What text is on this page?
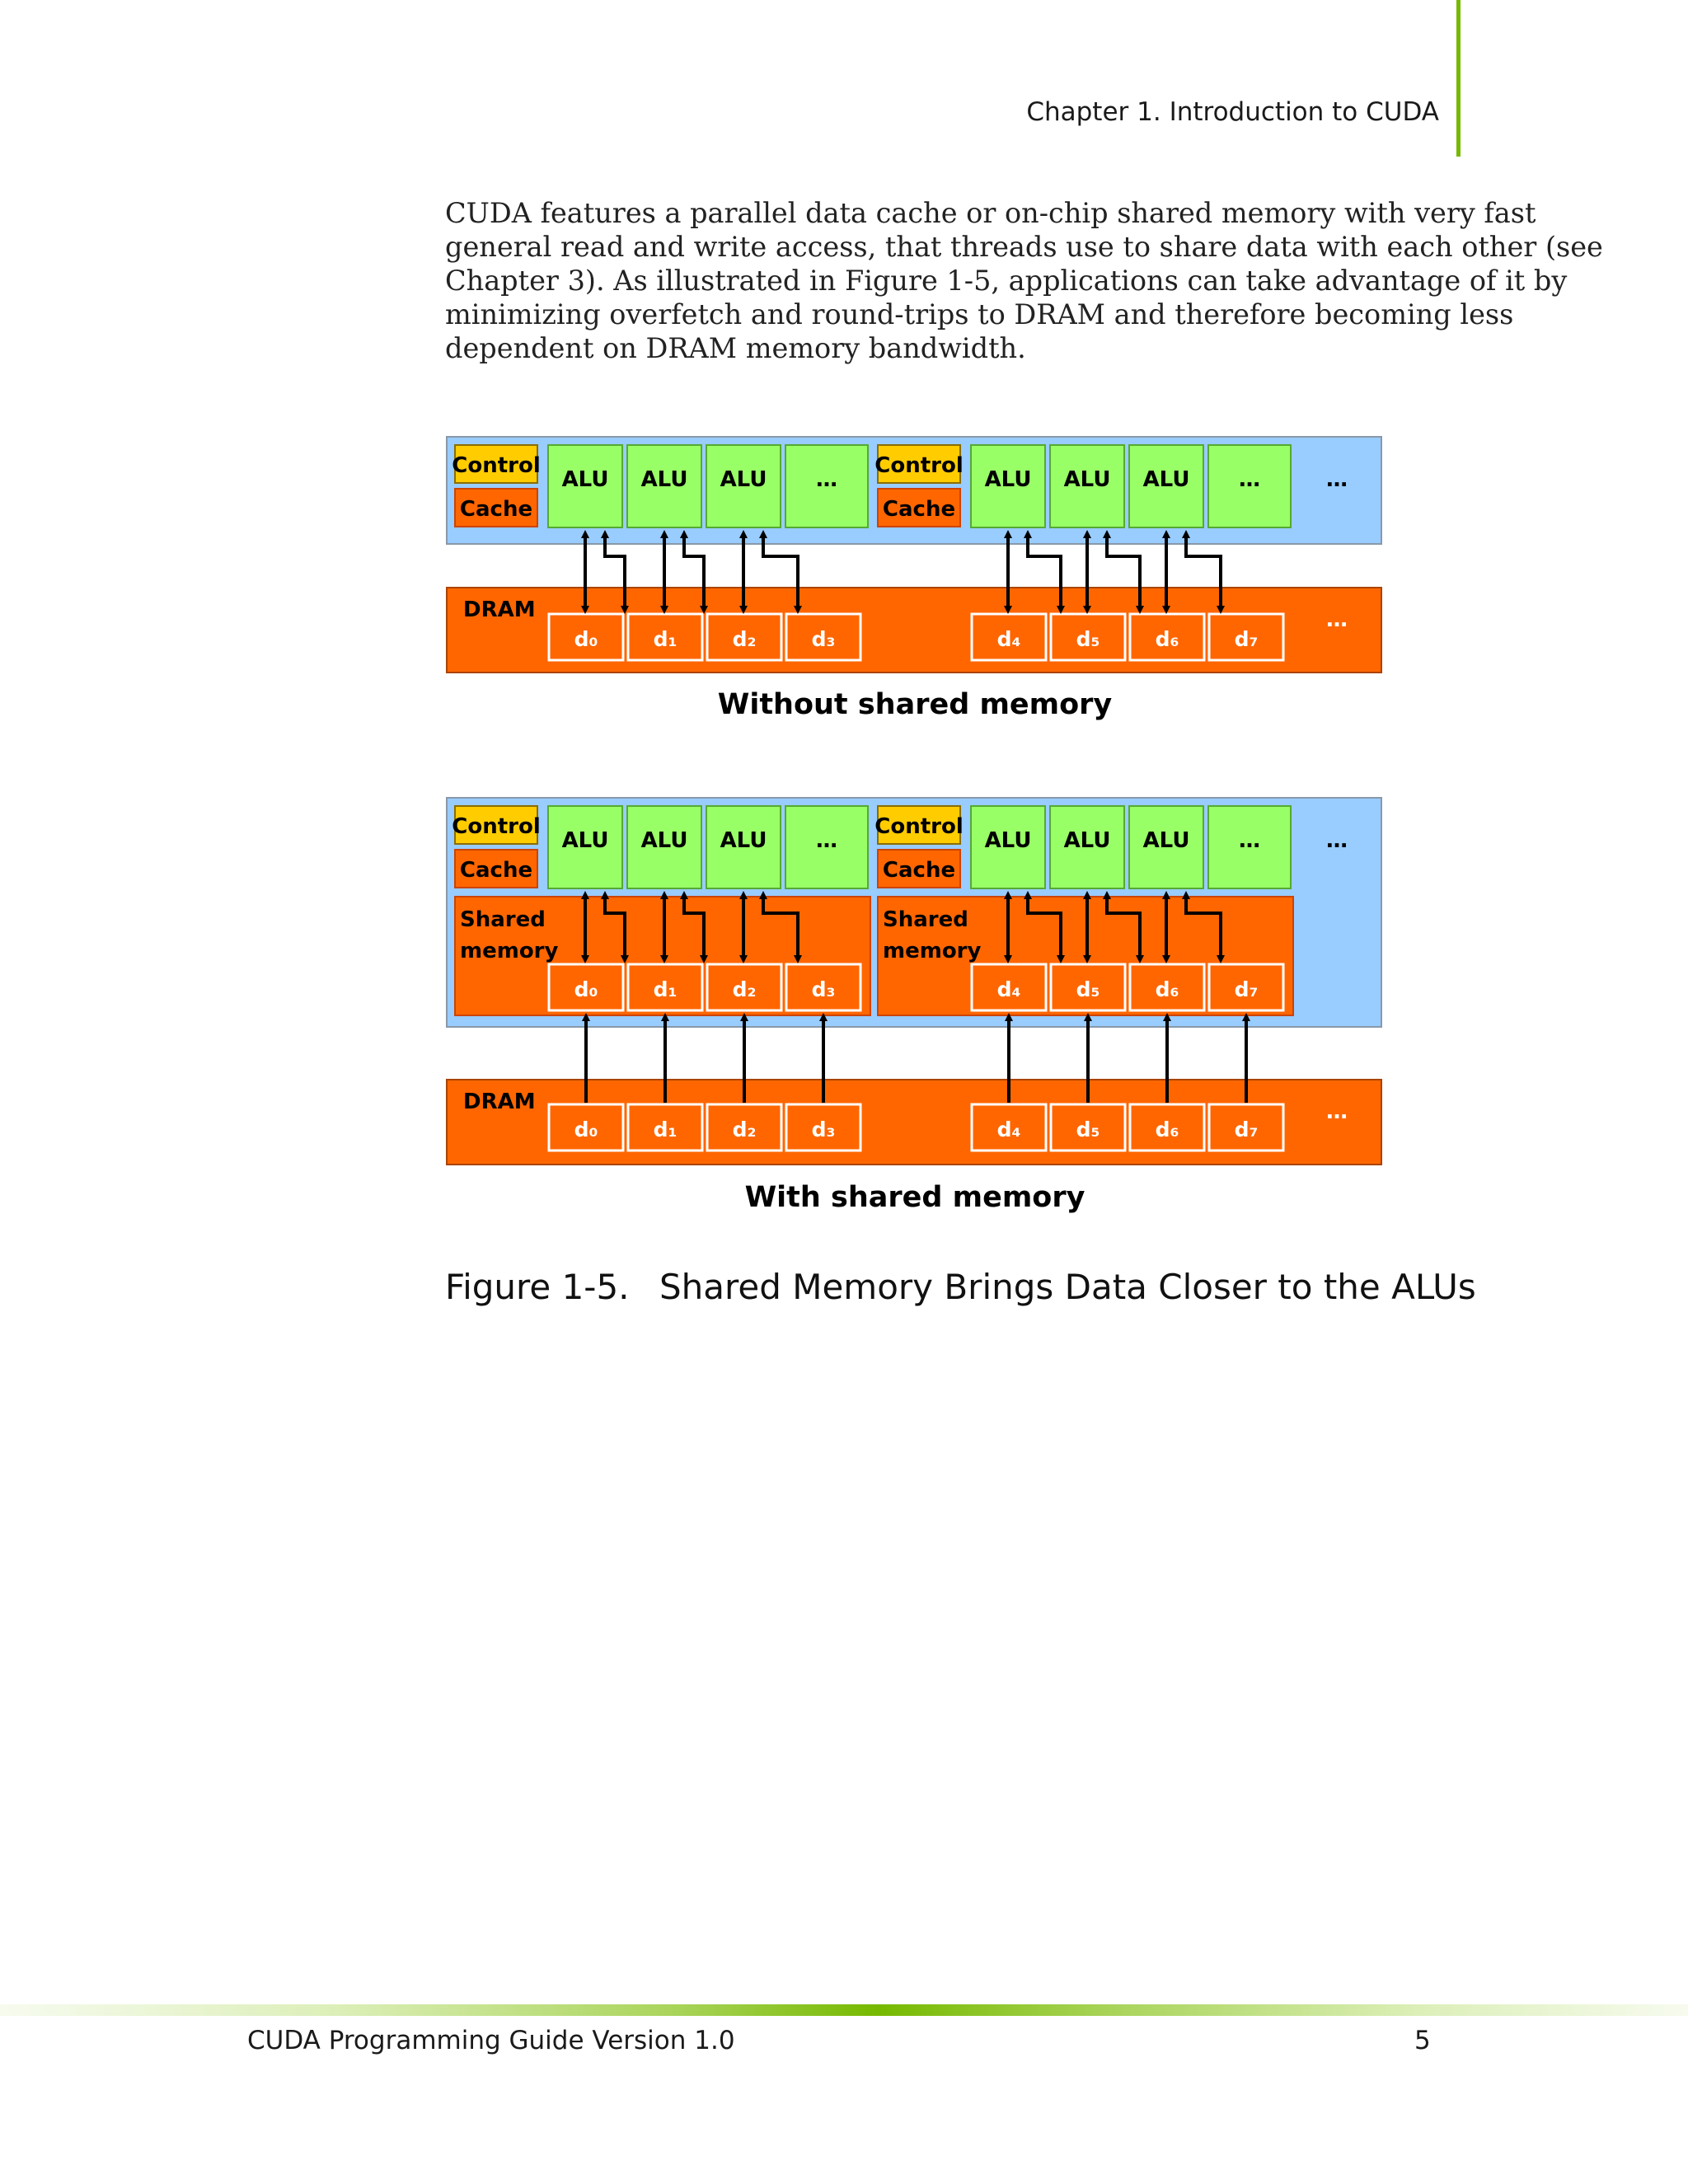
Chapter 1. Introduction to CUDA
CUDA features a parallel data cache or on-chip shared memory with very fast
general read and write access, that threads use to share data with each other (see
Chapter 3). As illustrated in Figure 1-5, applications can take advantage of it by
minimizing overfetch and round-trips to DRAM and therefore becoming less
dependent on DRAM memory bandwidth.
Control
Cache
ALU ALU ALU …
Control
Cache
ALU ALU ALU …	…
DRAM	…
d₀	d₁	d₂	d₃	d₄	d₅	d₆	d₇
Without shared memory
Control
Cache
ALU ALU ALU …
Shared
memory
Control
Cache
ALU ALU ALU …	…
Shared
memory
d₀	d₁	d₂	d₃	d₄	d₅	d₆	d₇
DRAM	…
d₀	d₁	d₂	d₃	d₄	d₅	d₆	d₇
With shared memory
Figure 1-5. Shared Memory Brings Data Closer to the ALUs
CUDA Programming Guide Version 1.0	5
